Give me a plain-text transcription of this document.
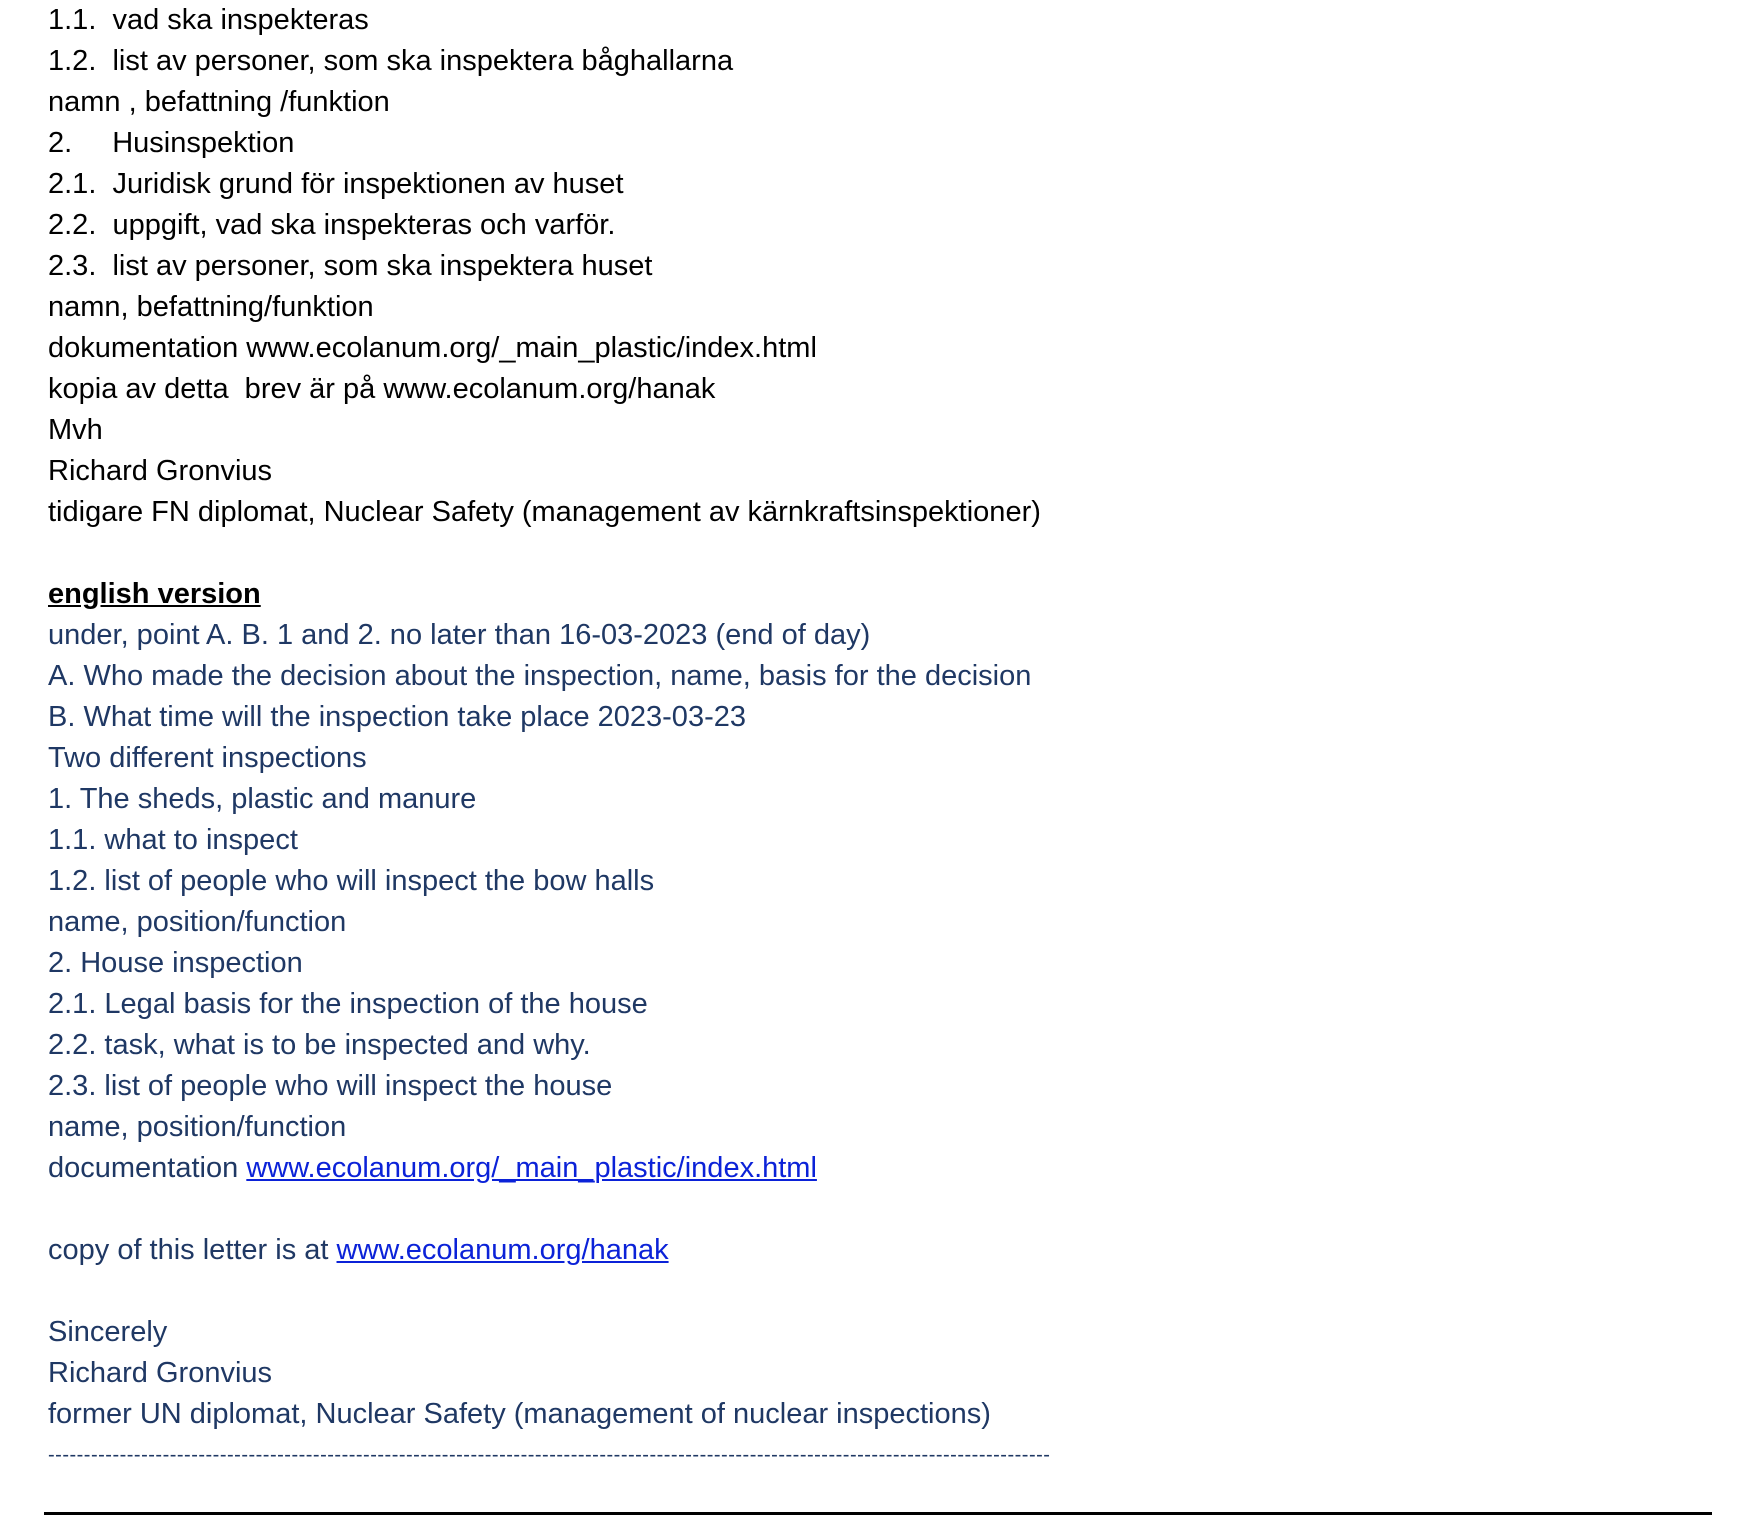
1.1.  vad ska inspekteras
1.2.  list av personer, som ska inspektera båghallarna
namn , befattning /funktion
2. Husinspektion
2.1.  Juridisk grund för inspektionen av huset
2.2.  uppgift, vad ska inspekteras och varför.
2.3.  list av personer, som ska inspektera huset
namn, befattning/funktion
dokumentation www.ecolanum.org/_main_plastic/index.html
kopia av detta  brev är på www.ecolanum.org/hanak
Mvh
Richard Gronvius
tidigare FN diplomat, Nuclear Safety (management av kärnkraftsinspektioner)
english version
under, point A. B. 1 and 2. no later than 16-03-2023 (end of day)
A. Who made the decision about the inspection, name, basis for the decision
B. What time will the inspection take place 2023-03-23
Two different inspections
1. The sheds, plastic and manure
1.1. what to inspect
1.2. list of people who will inspect the bow halls
name, position/function
2. House inspection
2.1. Legal basis for the inspection of the house
2.2. task, what is to be inspected and why.
2.3. list of people who will inspect the house
name, position/function
documentation www.ecolanum.org/_main_plastic/index.html
copy of this letter is at www.ecolanum.org/hanak
Sincerely
Richard Gronvius
former UN diplomat, Nuclear Safety (management of nuclear inspections)
--------------------------------------------------------------------------------------------------------------------------------------------
